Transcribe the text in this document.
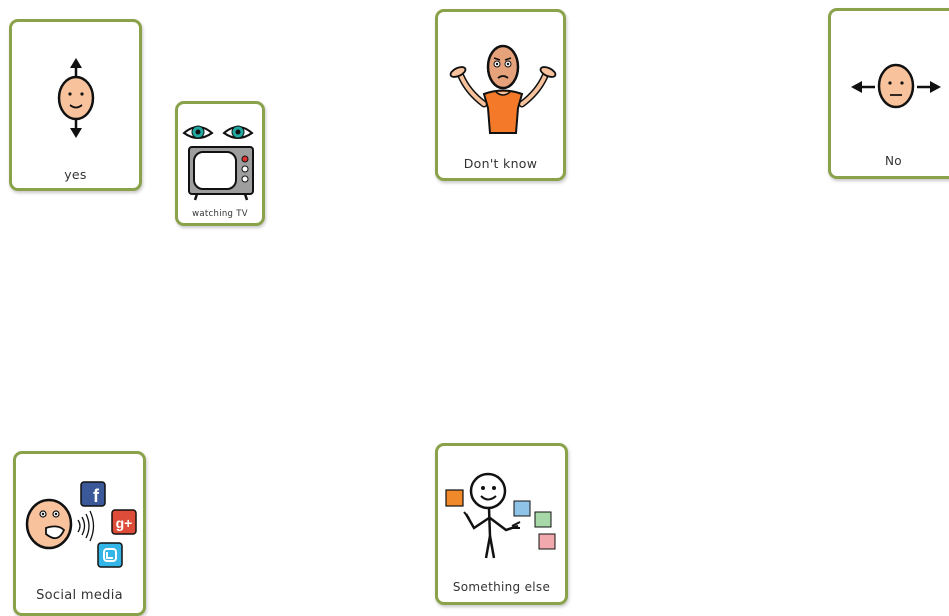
yes
watching TV
Don't know	No
f
g+
Social media
Something else
